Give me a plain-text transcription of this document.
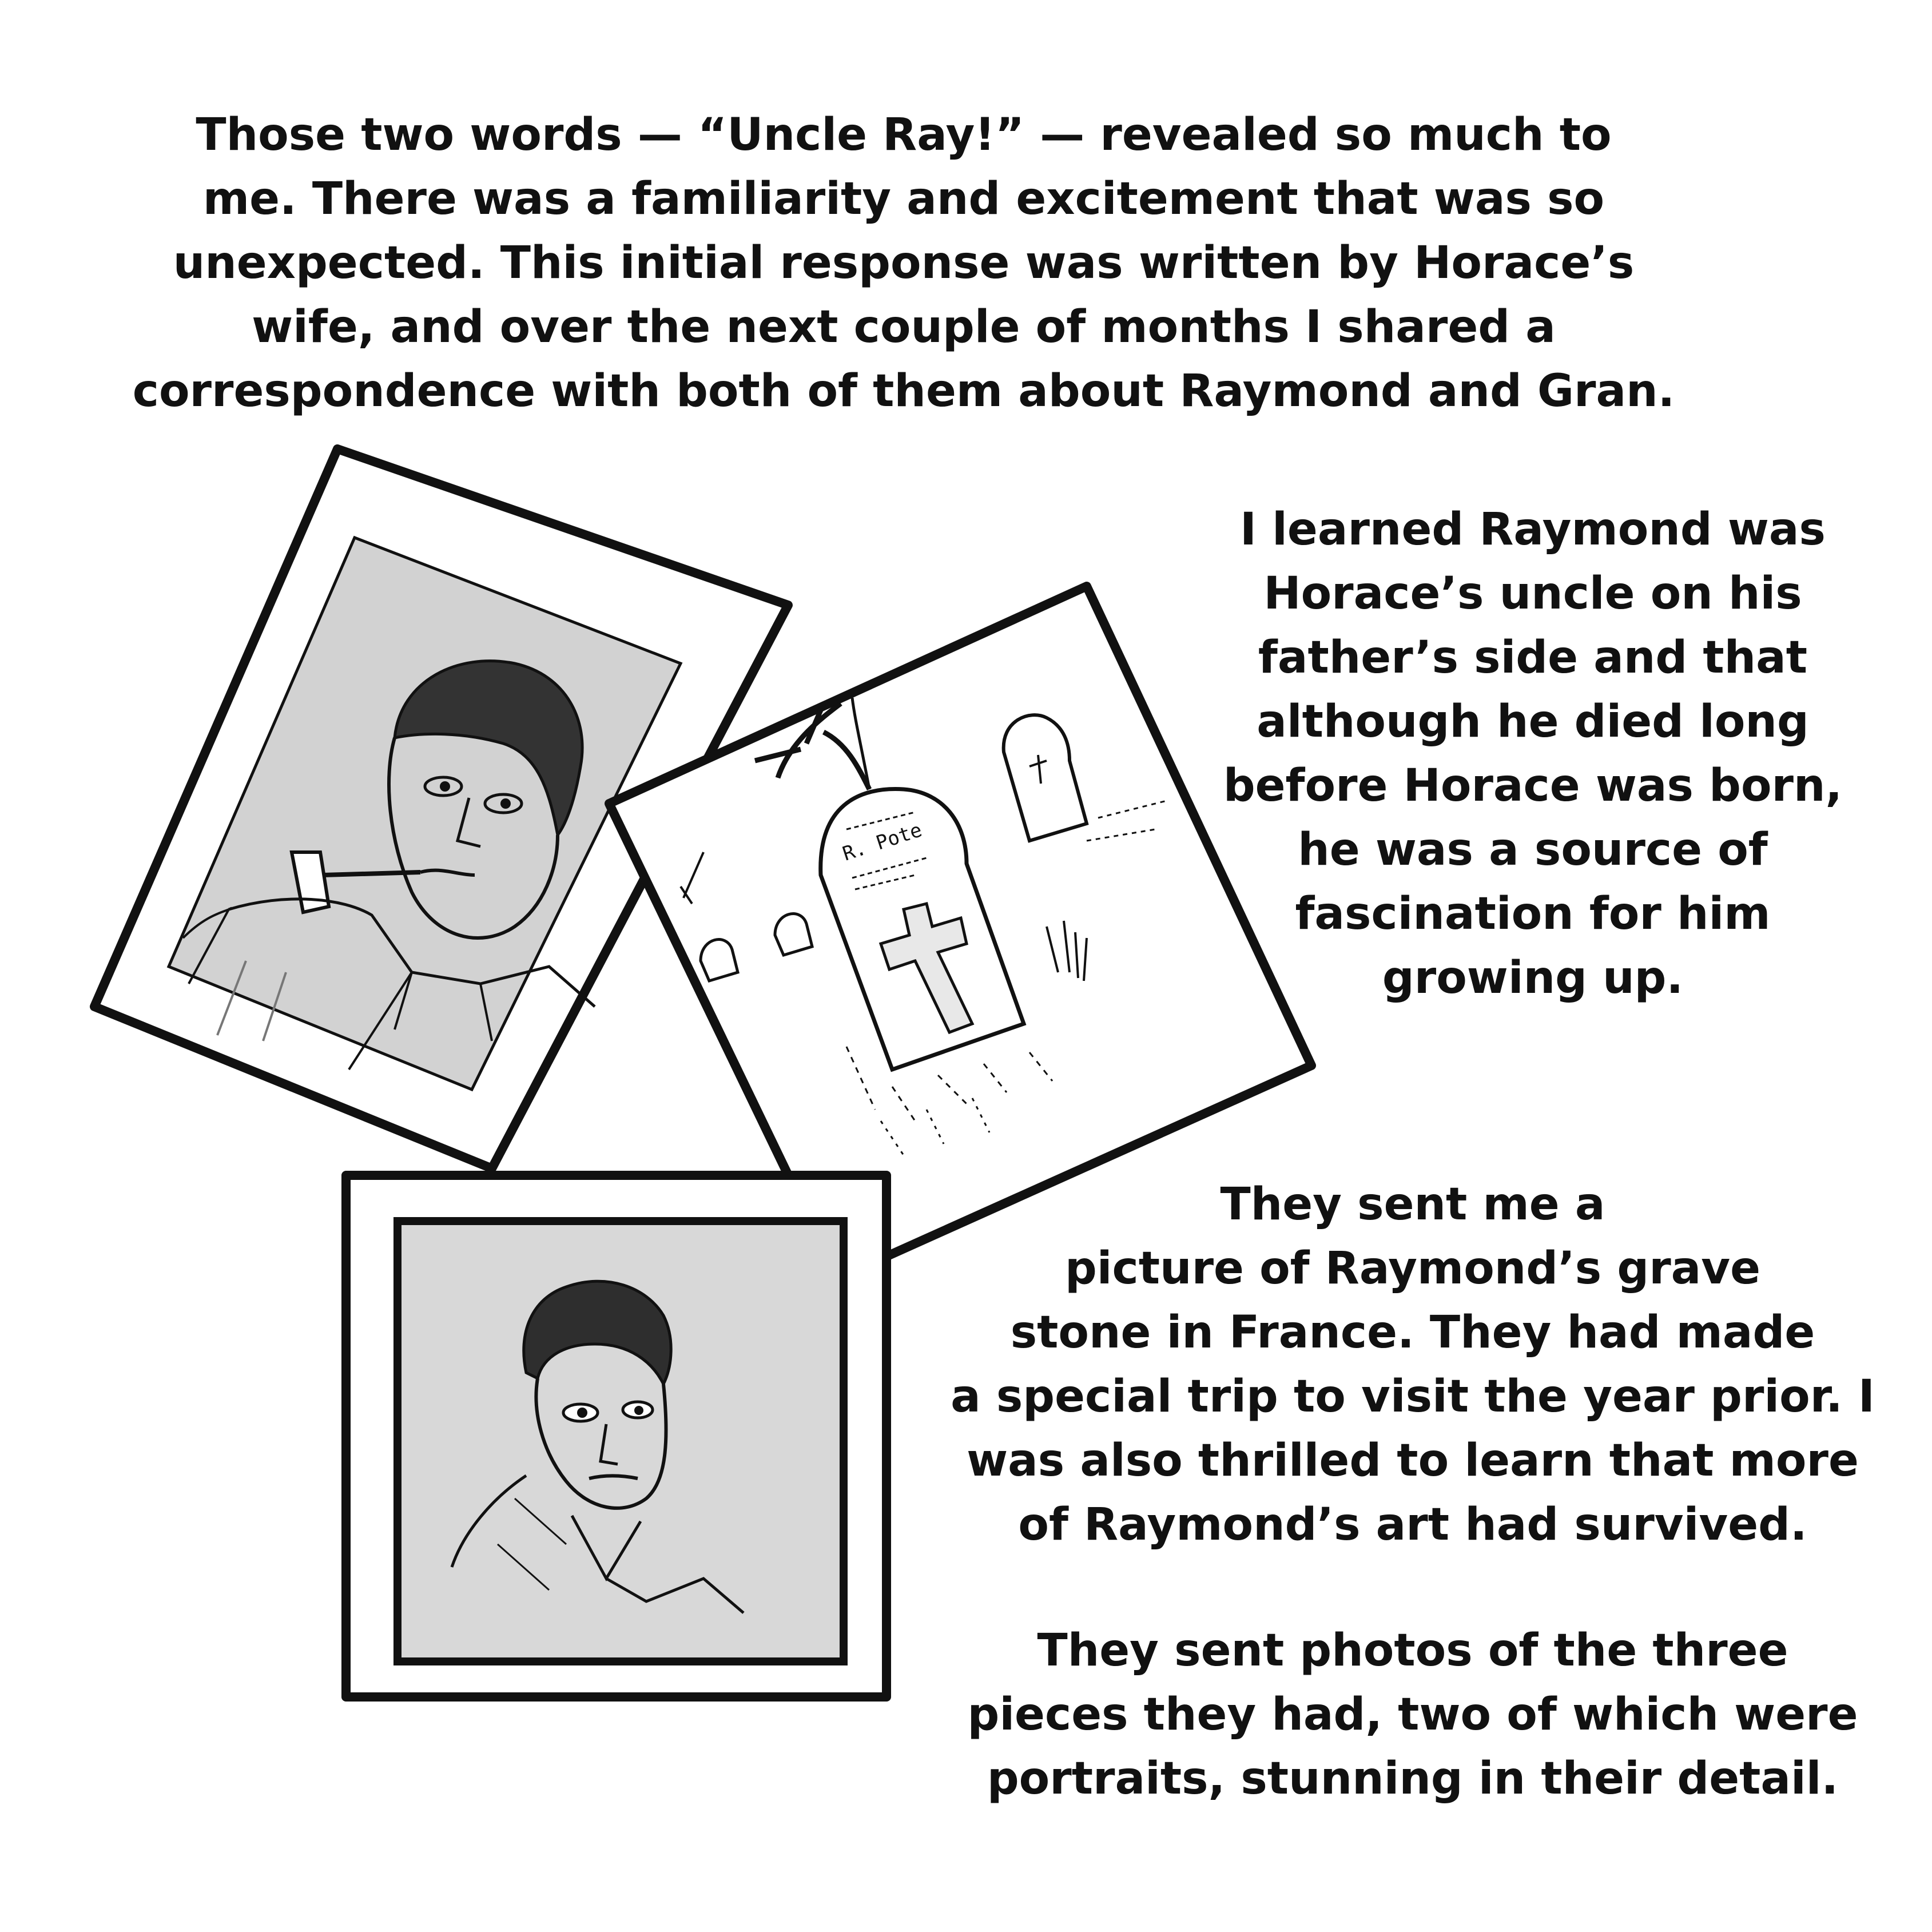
Those two words — “Uncle Ray!” — revealed so much to
me. There was a familiarity and excitement that was so
unexpected. This initial response was written by Horace’s
wife, and over the next couple of months I shared a
correspondence with both of them about Raymond and Gran.
I learned Raymond was
Horace’s uncle on his
father’s side and that
although he died long
before Horace was born,
he was a source of
fascination for him
growing up.
They sent me a
picture of Raymond’s grave
stone in France. They had made
a special trip to visit the year prior. I
was also thrilled to learn that more
of Raymond’s art had survived.
They sent photos of the three
pieces they had, two of which were
portraits, stunning in their detail.
R. Pote
